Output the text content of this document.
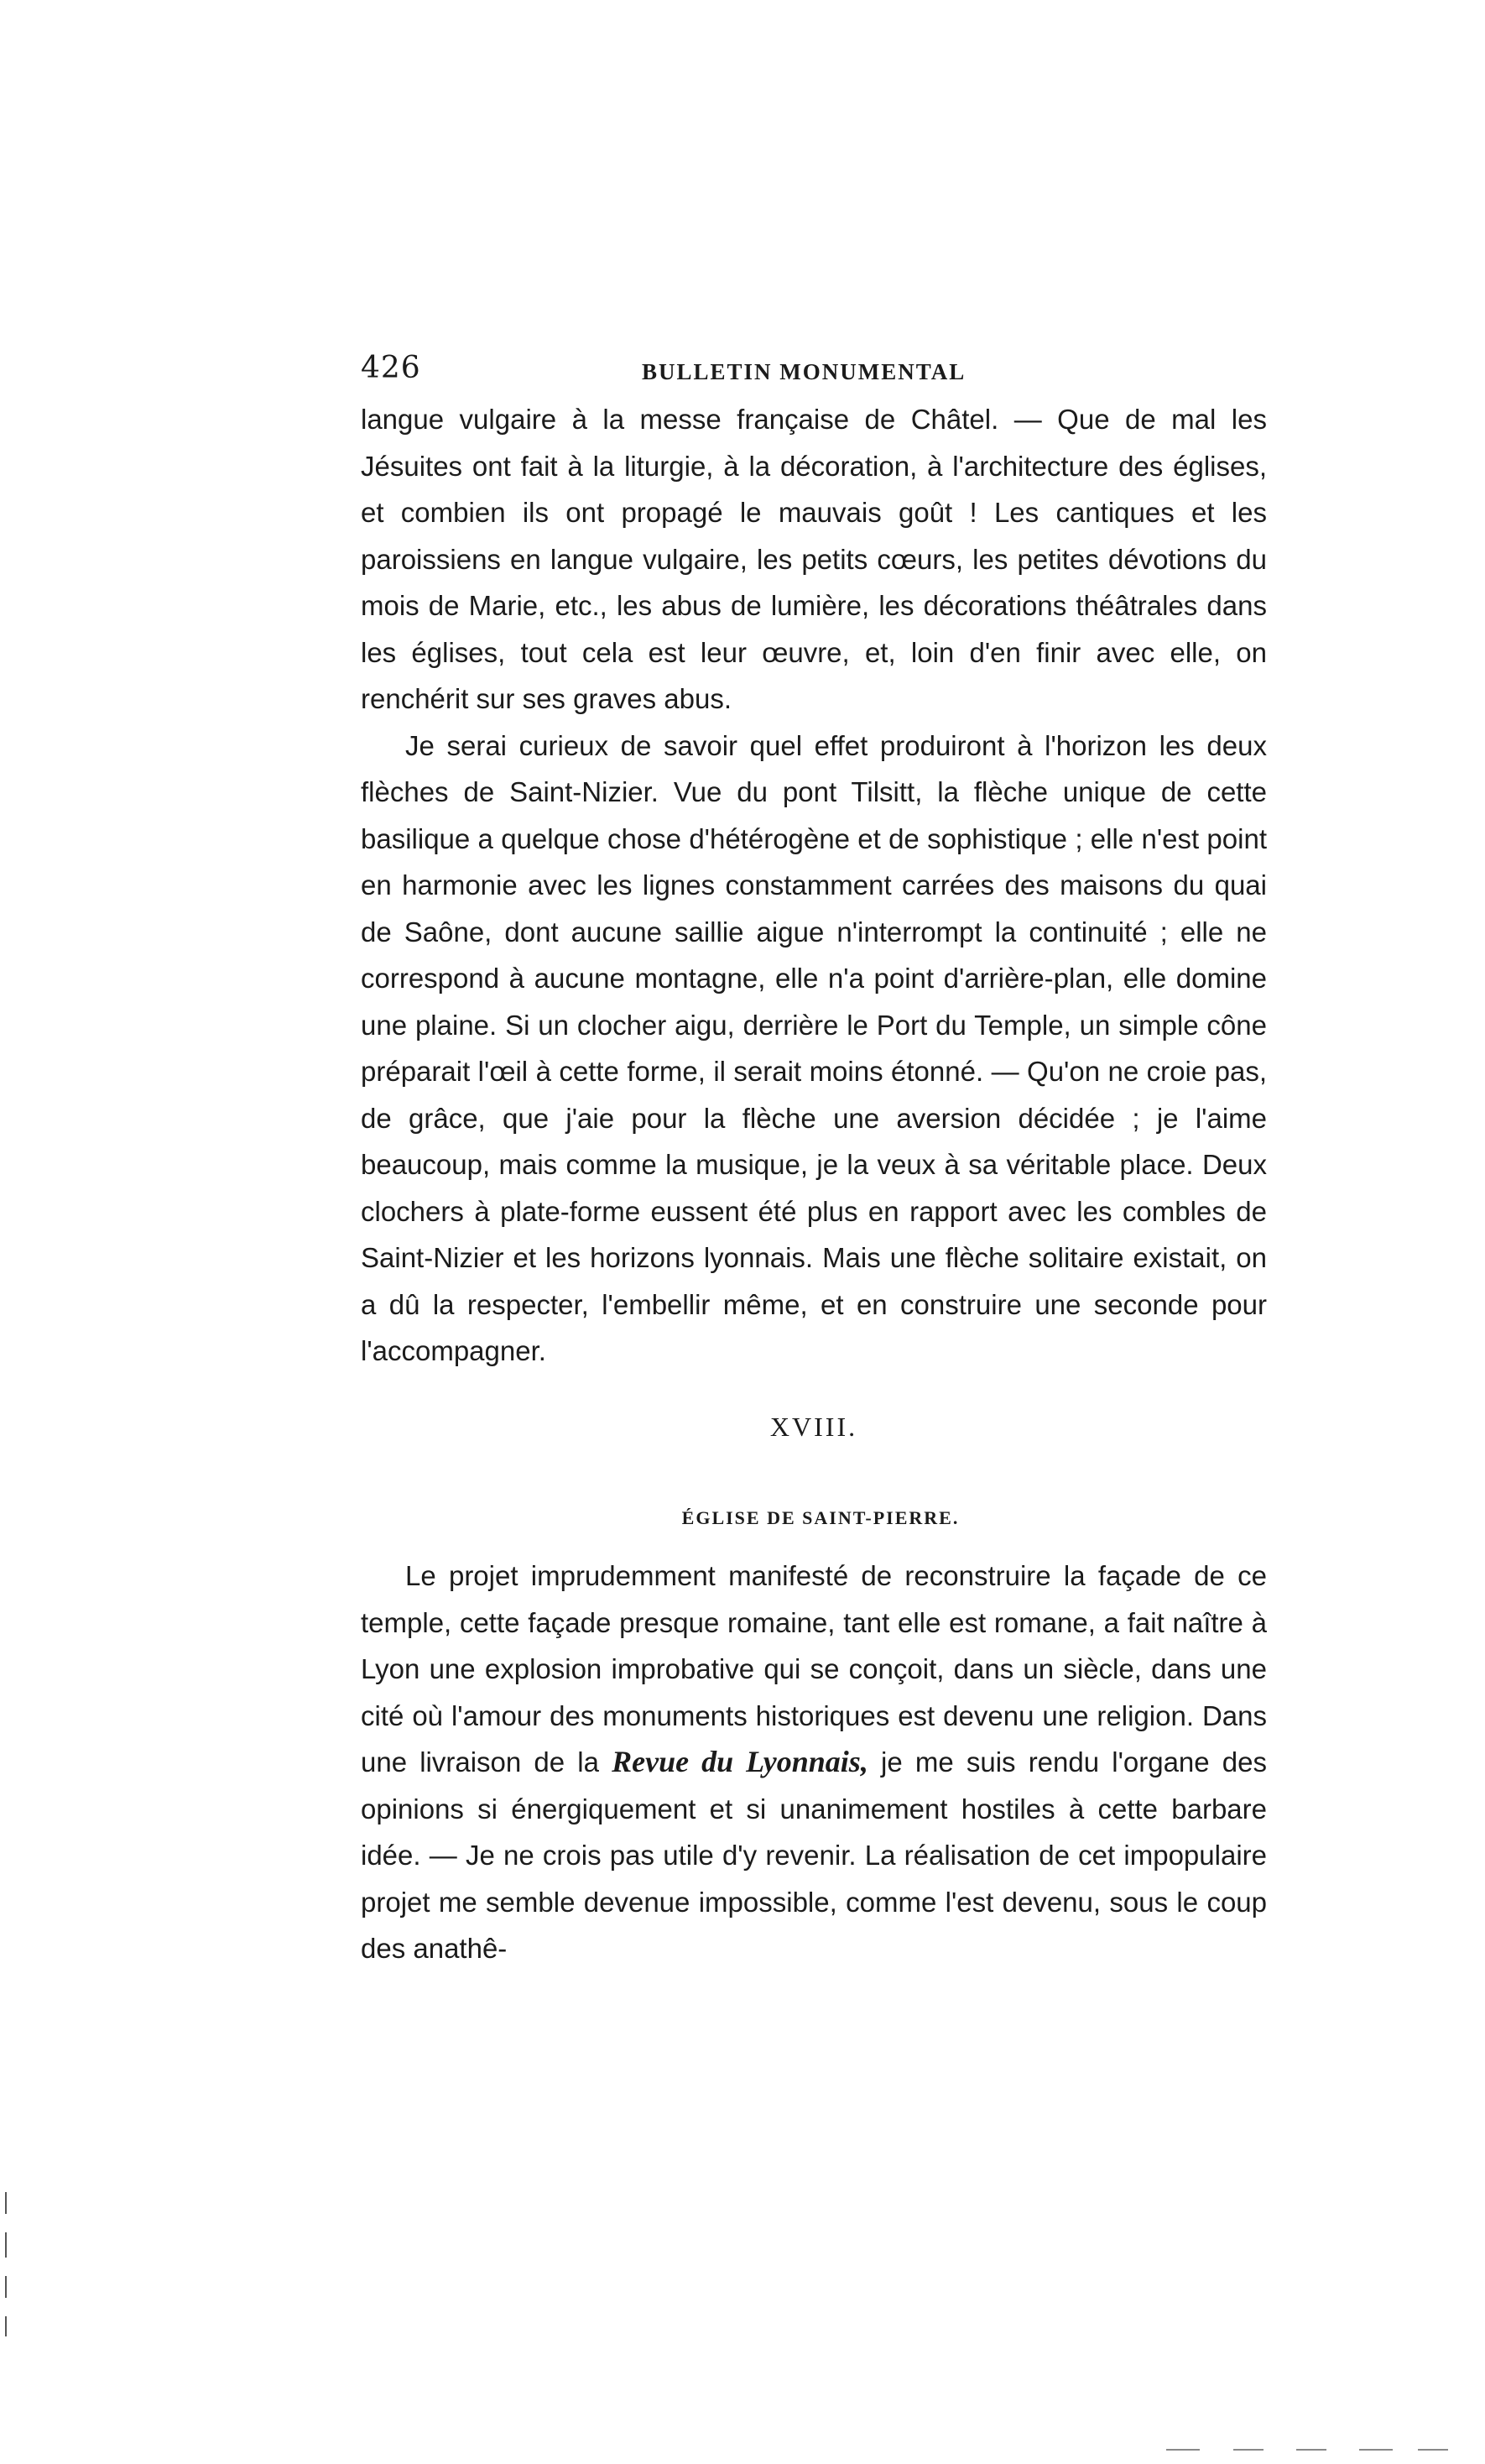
426	BULLETIN MONUMENTAL

langue vulgaire à la messe française de Châtel. — Que de mal les Jésuites ont fait à la liturgie, à la décoration, à l'architecture des églises, et combien ils ont propagé le mauvais goût ! Les cantiques et les paroissiens en langue vulgaire, les petits cœurs, les petites dévotions du mois de Marie, etc., les abus de lumière, les décorations théâtrales dans les églises, tout cela est leur œuvre, et, loin d'en finir avec elle, on renchérit sur ses graves abus.

Je serai curieux de savoir quel effet produiront à l'horizon les deux flèches de Saint-Nizier. Vue du pont Tilsitt, la flèche unique de cette basilique a quelque chose d'hétérogène et de sophistique ; elle n'est point en harmonie avec les lignes constamment carrées des maisons du quai de Saône, dont aucune saillie aigue n'interrompt la continuité ; elle ne correspond à aucune montagne, elle n'a point d'arrière-plan, elle domine une plaine. Si un clocher aigu, derrière le Port du Temple, un simple cône préparait l'œil à cette forme, il serait moins étonné. — Qu'on ne croie pas, de grâce, que j'aie pour la flèche une aversion décidée ; je l'aime beaucoup, mais comme la musique, je la veux à sa véritable place. Deux clochers à plate-forme eussent été plus en rapport avec les combles de Saint-Nizier et les horizons lyonnais. Mais une flèche solitaire existait, on a dû la respecter, l'embellir même, et en construire une seconde pour l'accompagner.

XVIII.
ÉGLISE DE SAINT-PIERRE.

Le projet imprudemment manifesté de reconstruire la façade de ce temple, cette façade presque romaine, tant elle est romane, a fait naître à Lyon une explosion improbative qui se conçoit, dans un siècle, dans une cité où l'amour des monuments historiques est devenu une religion. Dans une livraison de la Revue du Lyonnais, je me suis rendu l'organe des opinions si énergiquement et si unanimement hostiles à cette barbare idée. — Je ne crois pas utile d'y revenir. La réalisation de cet impopulaire projet me semble devenue impossible, comme l'est devenu, sous le coup des anathê-
